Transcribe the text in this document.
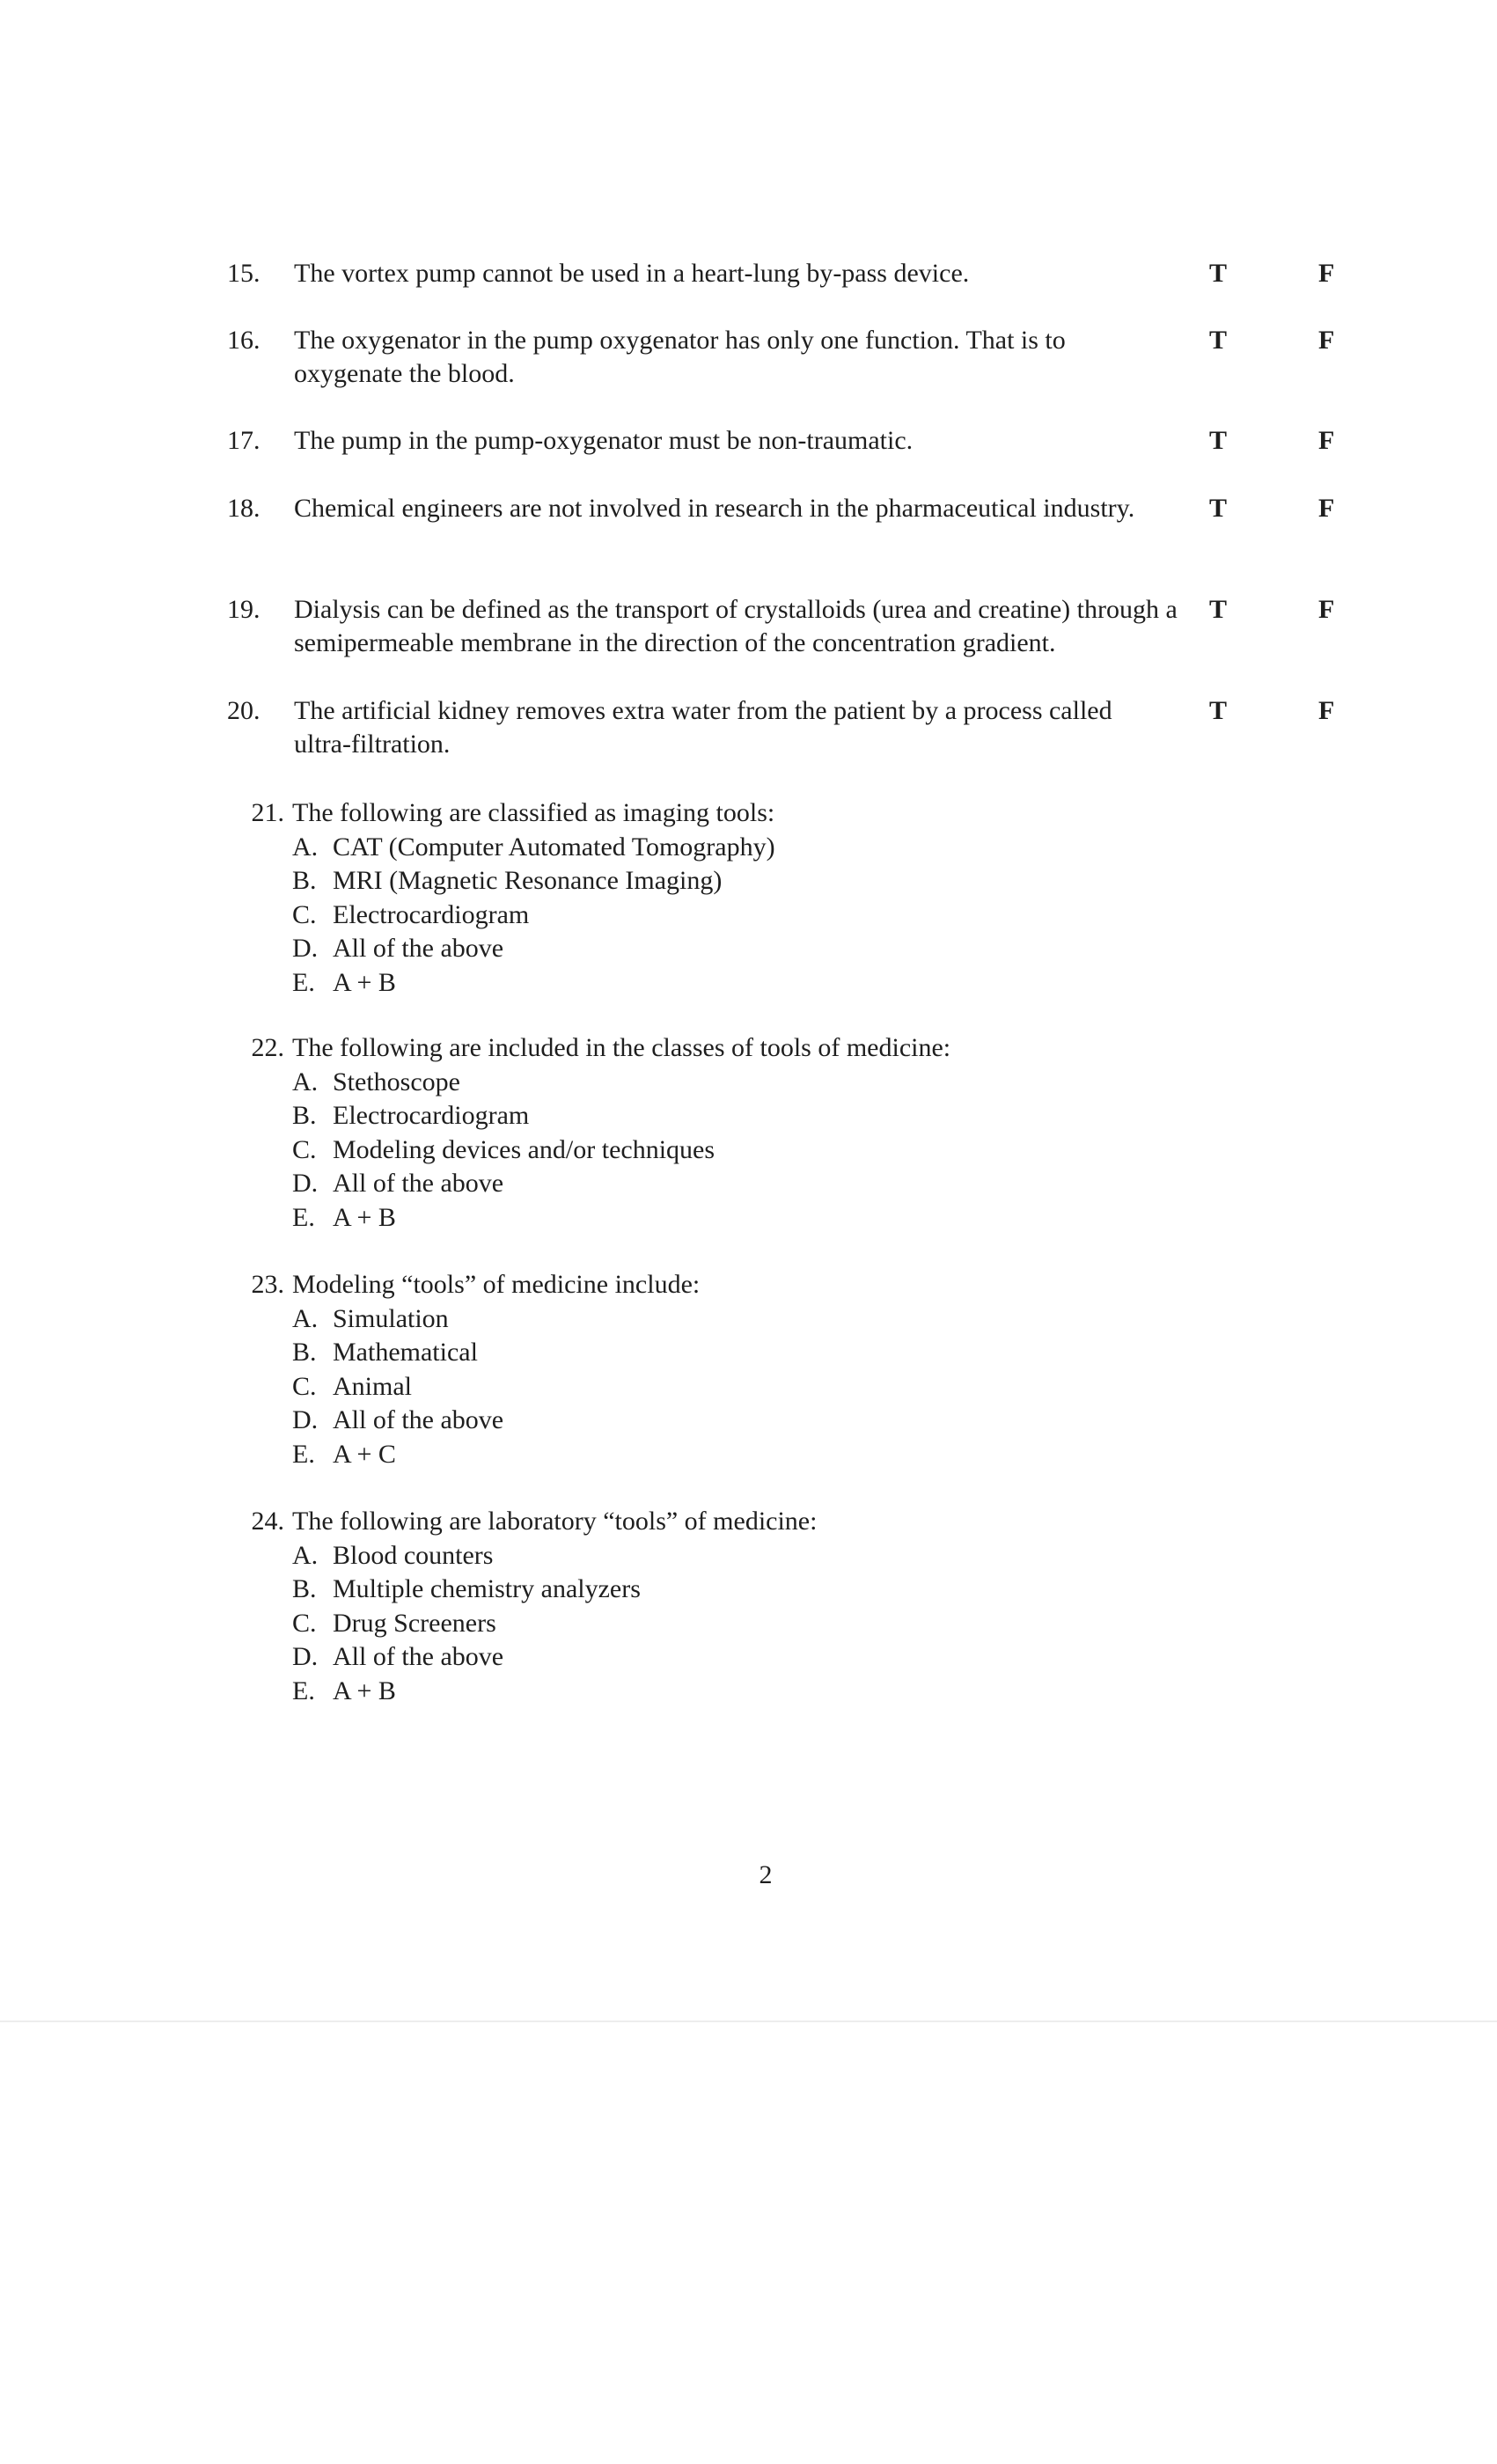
15.	The vortex pump cannot be used in a heart-lung by-pass device.	T	F
16.	The oxygenator in the pump oxygenator has only one function. That is to oxygenate the blood.
T	F
17.	The pump in the pump-oxygenator must be non-traumatic.	T	F
18.	Chemical engineers are not involved in research in the pharmaceutical industry.	T	F
19.	Dialysis can be defined as the transport of crystalloids (urea and creatine) through a semipermeable membrane in the direction of the concentration gradient.
T	F
20.	The artificial kidney removes extra water from the patient by a process called ultra-filtration.
T	F
21. The following are classified as imaging tools:
A. CAT (Computer Automated Tomography)
B. MRI (Magnetic Resonance Imaging)
C. Electrocardiogram
D. All of the above
E. A + B
22. The following are included in the classes of tools of medicine:
A. Stethoscope
B. Electrocardiogram
C. Modeling devices and/or techniques
D. All of the above
E. A + B
23. Modeling “tools” of medicine include:
A. Simulation
B. Mathematical
C. Animal
D. All of the above
E. A + C
24. The following are laboratory “tools” of medicine:
A. Blood counters
B. Multiple chemistry analyzers
C. Drug Screeners
D. All of the above
E. A + B
2
